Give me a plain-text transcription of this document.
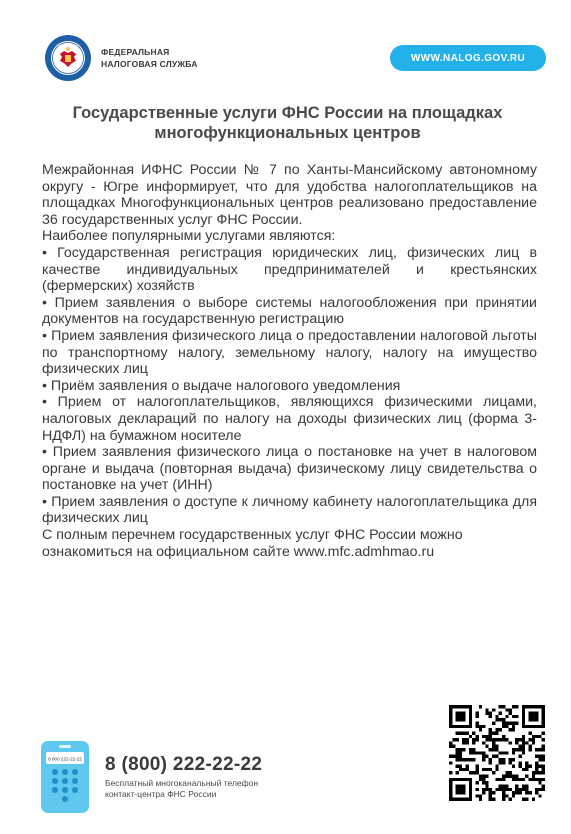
ФЕДЕРАЛЬНАЯ
НАЛОГОВАЯ СЛУЖБА
WWW.NALOG.GOV.RU
Государственные услуги ФНС России на площадках
многофункциональных центров

Межрайонная ИФНС России № 7 по Ханты-Мансийскому автономному округу - Югре информирует, что для удобства налогоплательщиков на площадках Многофункциональных центров реализовано предоставление 36 государственных услуг ФНС России.

Наиболее популярными услугами являются:

• Государственная регистрация юридических лиц, физических лиц в качестве индивидуальных предпринимателей и крестьянских (фермерских) хозяйств

• Прием заявления о выборе системы налогообложения при принятии документов на государственную регистрацию

• Прием заявления физического лица о предоставлении налоговой льготы по транспортному налогу, земельному налогу, налогу на имущество физических лиц

• Приём заявления о выдаче налогового уведомления

• Прием от налогоплательщиков, являющихся физическими лицами, налоговых деклараций по налогу на доходы физических лиц (форма 3-НДФЛ) на бумажном носителе

• Прием заявления физического лица о постановке на учет в налоговом органе и выдача (повторная выдача) физическому лицу свидетельства о постановке на учет (ИНН)

• Прием заявления о доступе к личному кабинету налогоплательщика для физических лиц

С полным перечнем государственных услуг ФНС России можно ознакомиться на официальном сайте www.mfc.admhmao.ru

8 800 222-22-22 8 (800) 222-22-22
Бесплатный многоканальный телефон
контакт-центра ФНС России
